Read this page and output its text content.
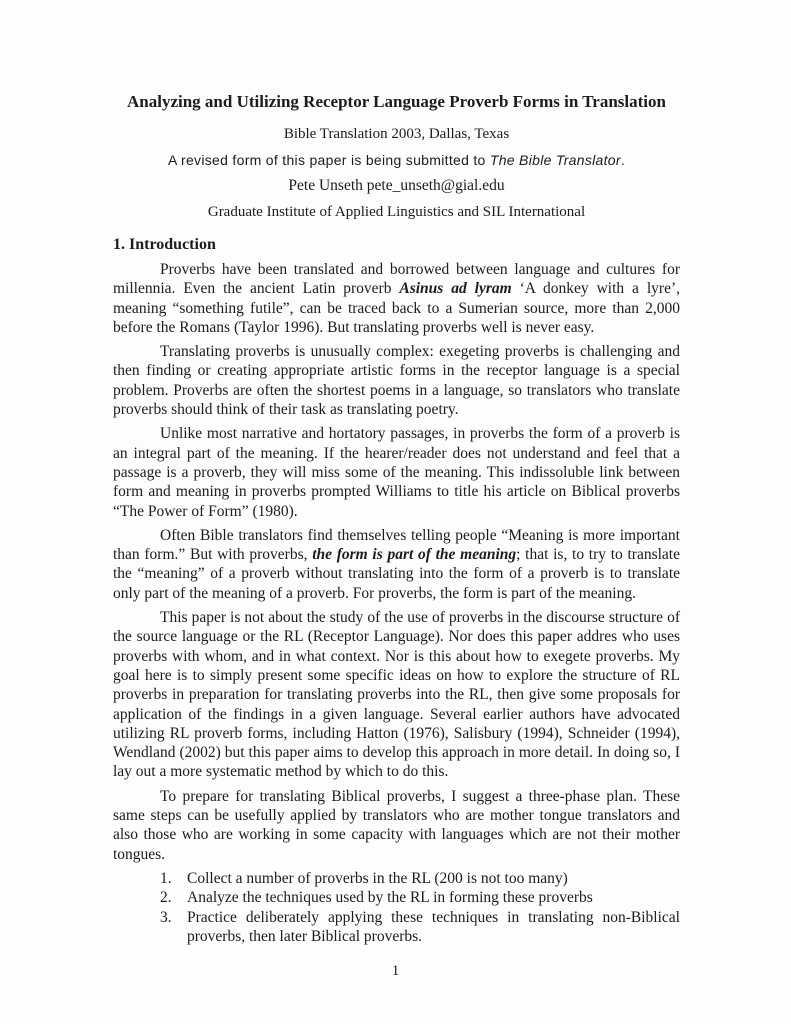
Analyzing and Utilizing Receptor Language Proverb Forms in Translation

Bible Translation 2003, Dallas, Texas

A revised form of this paper is being submitted to The Bible Translator.

Pete Unseth pete_unseth@gial.edu

Graduate Institute of Applied Linguistics and SIL International

1. Introduction

Proverbs have been translated and borrowed between language and cultures for millennia. Even the ancient Latin proverb Asinus ad lyram ‘A donkey with a lyre’, meaning “something futile”, can be traced back to a Sumerian source, more than 2,000 before the Romans (Taylor 1996). But translating proverbs well is never easy.

Translating proverbs is unusually complex: exegeting proverbs is challenging and then finding or creating appropriate artistic forms in the receptor language is a special problem. Proverbs are often the shortest poems in a language, so translators who translate proverbs should think of their task as translating poetry.

Unlike most narrative and hortatory passages, in proverbs the form of a proverb is an integral part of the meaning. If the hearer/reader does not understand and feel that a passage is a proverb, they will miss some of the meaning. This indissoluble link between form and meaning in proverbs prompted Williams to title his article on Biblical proverbs “The Power of Form” (1980).

Often Bible translators find themselves telling people “Meaning is more important than form.” But with proverbs, the form is part of the meaning; that is, to try to translate the “meaning” of a proverb without translating into the form of a proverb is to translate only part of the meaning of a proverb. For proverbs, the form is part of the meaning.

This paper is not about the study of the use of proverbs in the discourse structure of the source language or the RL (Receptor Language). Nor does this paper addres who uses proverbs with whom, and in what context. Nor is this about how to exegete proverbs. My goal here is to simply present some specific ideas on how to explore the structure of RL proverbs in preparation for translating proverbs into the RL, then give some proposals for application of the findings in a given language. Several earlier authors have advocated utilizing RL proverb forms, including Hatton (1976), Salisbury (1994), Schneider (1994), Wendland (2002) but this paper aims to develop this approach in more detail. In doing so, I lay out a more systematic method by which to do this.

To prepare for translating Biblical proverbs, I suggest a three-phase plan. These same steps can be usefully applied by translators who are mother tongue translators and also those who are working in some capacity with languages which are not their mother tongues.

1. Collect a number of proverbs in the RL (200 is not too many)
2. Analyze the techniques used by the RL in forming these proverbs
3. Practice deliberately applying these techniques in translating non-Biblical proverbs, then later Biblical proverbs.
1
